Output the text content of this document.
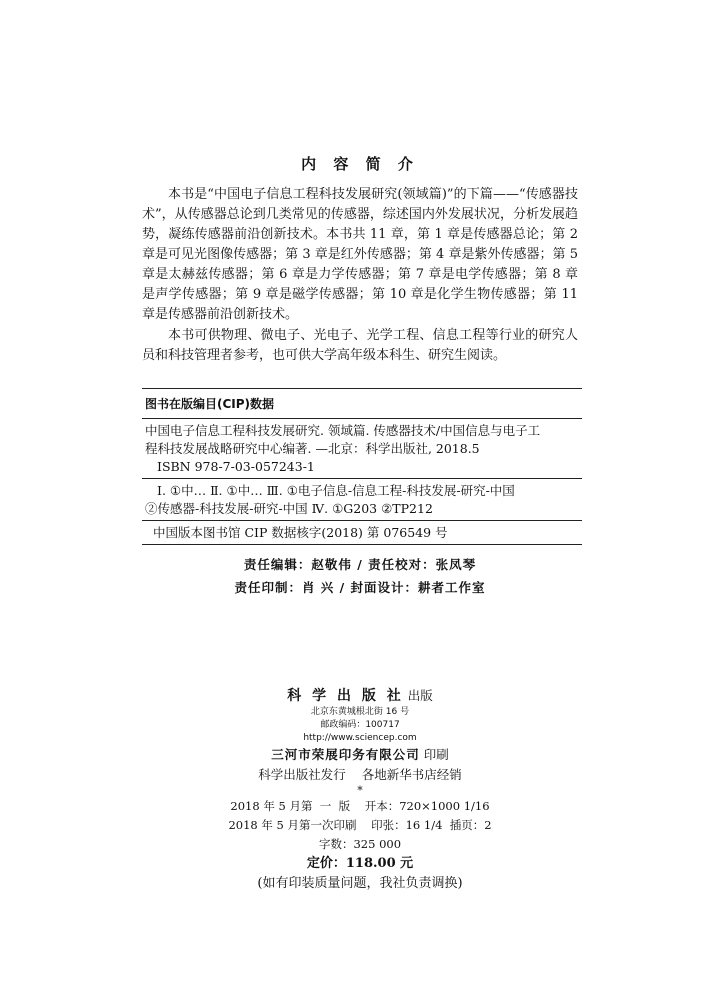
内 容 简 介

本书是“中国电子信息工程科技发展研究(领域篇)”的下篇——“传感器技术”，从传感器总论到几类常见的传感器，综述国内外发展状况，分析发展趋势，凝练传感器前沿创新技术。本书共 11 章，第 1 章是传感器总论；第 2 章是可见光图像传感器；第 3 章是红外传感器；第 4 章是紫外传感器；第 5 章是太赫兹传感器；第 6 章是力学传感器；第 7 章是电学传感器；第 8 章是声学传感器；第 9 章是磁学传感器；第 10 章是化学生物传感器；第 11 章是传感器前沿创新技术。

本书可供物理、微电子、光电子、光学工程、信息工程等行业的研究人员和科技管理者参考，也可供大学高年级本科生、研究生阅读。

图书在版编目(CIP)数据
中国电子信息工程科技发展研究. 领域篇. 传感器技术/中国信息与电子工
程科技发展战略研究中心编著. —北京：科学出版社, 2018.5
ISBN 978-7-03-057243-1
Ⅰ. ①中… Ⅱ. ①中… Ⅲ. ①电子信息-信息工程-科技发展-研究-中国
②传感器-科技发展-研究-中国 Ⅳ. ①G203 ②TP212
中国版本图书馆 CIP 数据核字(2018) 第 076549 号
责任编辑：赵敬伟 / 责任校对：张凤琴
责任印制：肖 兴 / 封面设计：耕者工作室
科 学 出 版 社 出版
北京东黄城根北街 16 号
邮政编码：100717
http://www.sciencep.com
三河市荣展印务有限公司 印刷
科学出版社发行    各地新华书店经销
*
2018 年 5 月第  一  版    开本：720×1000 1/16
2018 年 5 月第一次印刷    印张：16 1/4  插页：2
字数：325 000
定价：118.00 元
(如有印装质量问题，我社负责调换)
